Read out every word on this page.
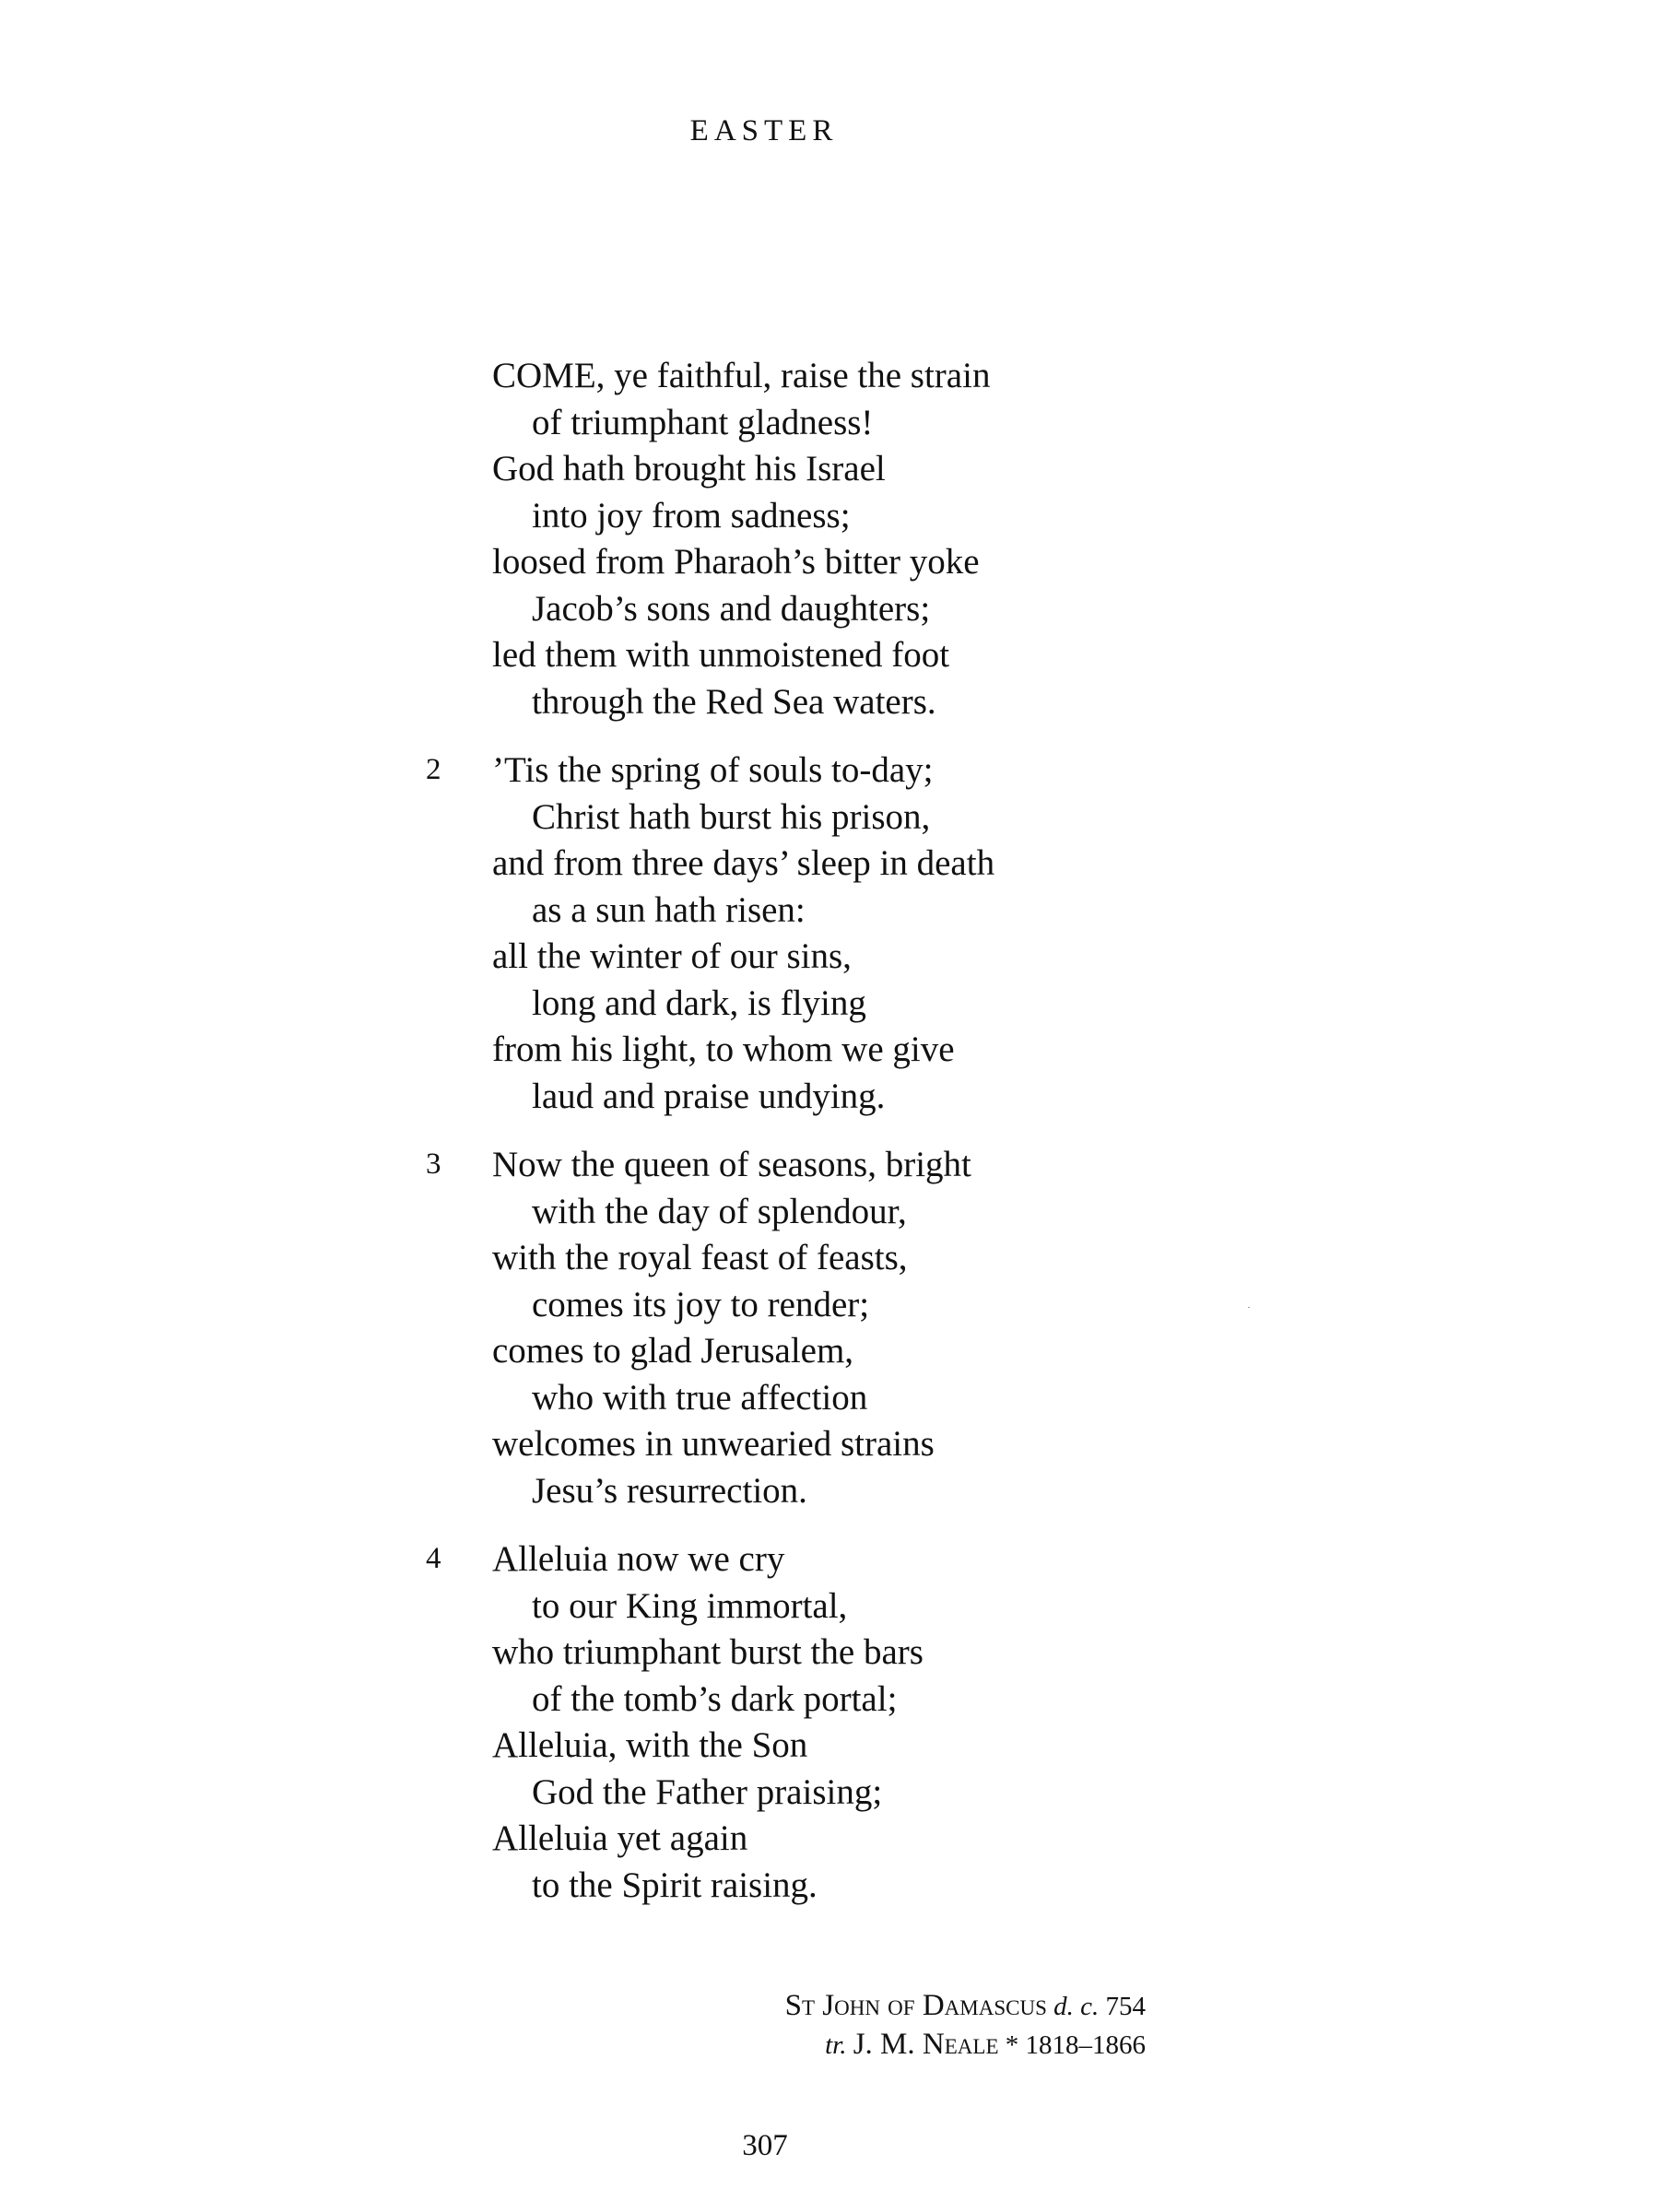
EASTER
COME, ye faithful, raise the strain
of triumphant gladness!
God hath brought his Israel
into joy from sadness;
loosed from Pharaoh’s bitter yoke
Jacob’s sons and daughters;
led them with unmoistened foot
through the Red Sea waters.
2	’Tis the spring of souls to-day;
Christ hath burst his prison,
and from three days’ sleep in death
as a sun hath risen:
all the winter of our sins,
long and dark, is flying
from his light, to whom we give
laud and praise undying.
3	Now the queen of seasons, bright
with the day of splendour,
with the royal feast of feasts,
comes its joy to render;
comes to glad Jerusalem,
who with true affection
welcomes in unwearied strains
Jesu’s resurrection.
4	Alleluia now we cry
to our King immortal,
who triumphant burst the bars
of the tomb’s dark portal;
Alleluia, with the Son
God the Father praising;
Alleluia yet again
to the Spirit raising.
St John of Damascus d. c. 754
tr. J. M. Neale * 1818–1866
307
